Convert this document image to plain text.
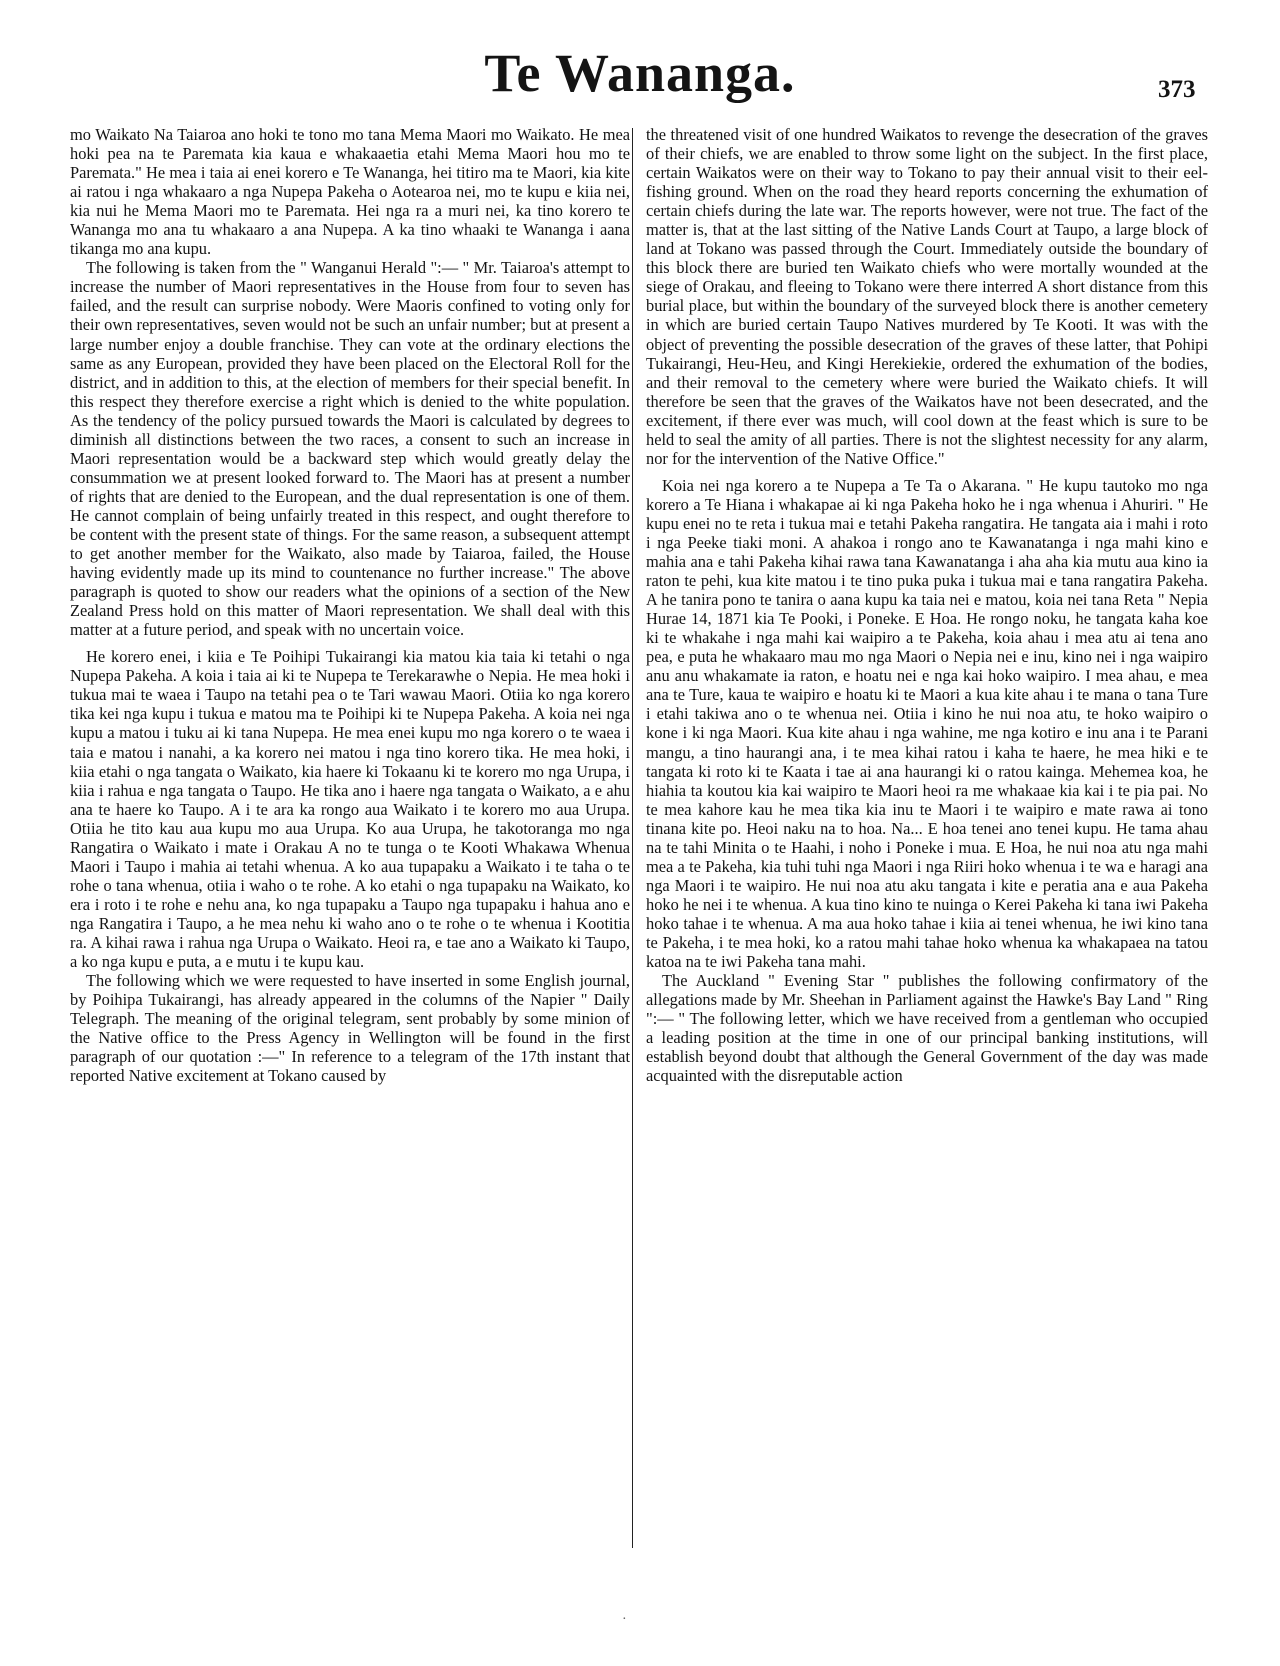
Te Wananga.	373

mo Waikato Na Taiaroa ano hoki te tono mo tana Mema Maori mo Waikato. He mea hoki pea na te Paremata kia kaua e whakaaetia etahi Mema Maori hou mo te Paremata." He mea i taia ai enei korero e Te Wananga, hei titiro ma te Maori, kia kite ai ratou i nga whakaaro a nga Nupepa Pakeha o Aotearoa nei, mo te kupu e kiia nei, kia nui he Mema Maori mo te Paremata. Hei nga ra a muri nei, ka tino korero te Wananga mo ana tu whakaaro a ana Nupepa. A ka tino whaaki te Wananga i aana tikanga mo ana kupu.

The following is taken from the " Wanganui Herald ":— " Mr. Taiaroa's attempt to increase the number of Maori representatives in the House from four to seven has failed, and the result can surprise nobody. Were Maoris confined to voting only for their own representatives, seven would not be such an unfair number; but at present a large number enjoy a double franchise. They can vote at the ordinary elections the same as any European, provided they have been placed on the Electoral Roll for the district, and in addition to this, at the election of members for their special benefit. In this respect they therefore exercise a right which is denied to the white population. As the tendency of the policy pursued towards the Maori is calculated by degrees to diminish all distinctions between the two races, a consent to such an increase in Maori representation would be a backward step which would greatly delay the consummation we at present looked forward to. The Maori has at present a number of rights that are denied to the European, and the dual representation is one of them. He cannot complain of being unfairly treated in this respect, and ought therefore to be content with the present state of things. For the same reason, a subsequent attempt to get another member for the Waikato, also made by Taiaroa, failed, the House having evidently made up its mind to countenance no further increase." The above paragraph is quoted to show our readers what the opinions of a section of the New Zealand Press hold on this matter of Maori representation. We shall deal with this matter at a future period, and speak with no uncertain voice.

He korero enei, i kiia e Te Poihipi Tukairangi kia matou kia taia ki tetahi o nga Nupepa Pakeha. A koia i taia ai ki te Nupepa te Terekarawhe o Nepia. He mea hoki i tukua mai te waea i Taupo na tetahi pea o te Tari wawau Maori. Otiia ko nga korero tika kei nga kupu i tukua e matou ma te Poihipi ki te Nupepa Pakeha. A koia nei nga kupu a matou i tuku ai ki tana Nupepa. He mea enei kupu mo nga korero o te waea i taia e matou i nanahi, a ka korero nei matou i nga tino korero tika. He mea hoki, i kiia etahi o nga tangata o Waikato, kia haere ki Tokaanu ki te korero mo nga Urupa, i kiia i rahua e nga tangata o Taupo. He tika ano i haere nga tangata o Waikato, a e ahu ana te haere ko Taupo. A i te ara ka rongo aua Waikato i te korero mo aua Urupa. Otiia he tito kau aua kupu mo aua Urupa. Ko aua Urupa, he takotoranga mo nga Rangatira o Waikato i mate i Orakau A no te tunga o te Kooti Whakawa Whenua Maori i Taupo i mahia ai tetahi whenua. A ko aua tupapaku a Waikato i te taha o te rohe o tana whenua, otiia i waho o te rohe. A ko etahi o nga tupapaku na Waikato, ko era i roto i te rohe e nehu ana, ko nga tupapaku a Taupo nga tupapaku i hahua ano e nga Rangatira i Taupo, a he mea nehu ki waho ano o te rohe o te whenua i Kootitia ra. A kihai rawa i rahua nga Urupa o Waikato. Heoi ra, e tae ano a Waikato ki Taupo, a ko nga kupu e puta, a e mutu i te kupu kau.

The following which we were requested to have inserted in some English journal, by Poihipa Tukairangi, has already appeared in the columns of the Napier " Daily Telegraph. The meaning of the original telegram, sent probably by some minion of the Native office to the Press Agency in Wellington will be found in the first paragraph of our quotation :—" In reference to a telegram of the 17th instant that reported Native excitement at Tokano caused by

the threatened visit of one hundred Waikatos to revenge the desecration of the graves of their chiefs, we are enabled to throw some light on the subject. In the first place, certain Waikatos were on their way to Tokano to pay their annual visit to their eel-fishing ground. When on the road they heard reports concerning the exhumation of certain chiefs during the late war. The reports however, were not true. The fact of the matter is, that at the last sitting of the Native Lands Court at Taupo, a large block of land at Tokano was passed through the Court. Immediately outside the boundary of this block there are buried ten Waikato chiefs who were mortally wounded at the siege of Orakau, and fleeing to Tokano were there interred A short distance from this burial place, but within the boundary of the surveyed block there is another cemetery in which are buried certain Taupo Natives murdered by Te Kooti. It was with the object of preventing the possible desecration of the graves of these latter, that Pohipi Tukairangi, Heu-Heu, and Kingi Herekiekie, ordered the exhumation of the bodies, and their removal to the cemetery where were buried the Waikato chiefs. It will therefore be seen that the graves of the Waikatos have not been desecrated, and the excitement, if there ever was much, will cool down at the feast which is sure to be held to seal the amity of all parties. There is not the slightest necessity for any alarm, nor for the intervention of the Native Office."

Koia nei nga korero a te Nupepa a Te Ta o Akarana. " He kupu tautoko mo nga korero a Te Hiana i whakapae ai ki nga Pakeha hoko he i nga whenua i Ahuriri. " He kupu enei no te reta i tukua mai e tetahi Pakeha rangatira. He tangata aia i mahi i roto i nga Peeke tiaki moni. A ahakoa i rongo ano te Kawanatanga i nga mahi kino e mahia ana e tahi Pakeha kihai rawa tana Kawanatanga i aha aha kia mutu aua kino ia raton te pehi, kua kite matou i te tino puka puka i tukua mai e tana rangatira Pakeha. A he tanira pono te tanira o aana kupu ka taia nei e matou, koia nei tana Reta " Nepia Hurae 14, 1871 kia Te Pooki, i Poneke. E Hoa. He rongo noku, he tangata kaha koe ki te whakahe i nga mahi kai waipiro a te Pakeha, koia ahau i mea atu ai tena ano pea, e puta he whakaaro mau mo nga Maori o Nepia nei e inu, kino nei i nga waipiro anu anu whakamate ia raton, e hoatu nei e nga kai hoko waipiro. I mea ahau, e mea ana te Ture, kaua te waipiro e hoatu ki te Maori a kua kite ahau i te mana o tana Ture i etahi takiwa ano o te whenua nei. Otiia i kino he nui noa atu, te hoko waipiro o kone i ki nga Maori. Kua kite ahau i nga wahine, me nga kotiro e inu ana i te Parani mangu, a tino haurangi ana, i te mea kihai ratou i kaha te haere, he mea hiki e te tangata ki roto ki te Kaata i tae ai ana haurangi ki o ratou kainga. Mehemea koa, he hiahia ta koutou kia kai waipiro te Maori heoi ra me whakaae kia kai i te pia pai. No te mea kahore kau he mea tika kia inu te Maori i te waipiro e mate rawa ai tono tinana kite po. Heoi naku na to hoa. Na... E hoa tenei ano tenei kupu. He tama ahau na te tahi Minita o te Haahi, i noho i Poneke i mua. E Hoa, he nui noa atu nga mahi mea a te Pakeha, kia tuhi tuhi nga Maori i nga Riiri hoko whenua i te wa e haragi ana nga Maori i te waipiro. He nui noa atu aku tangata i kite e peratia ana e aua Pakeha hoko he nei i te whenua. A kua tino kino te nuinga o Kerei Pakeha ki tana iwi Pakeha hoko tahae i te whenua. A ma aua hoko tahae i kiia ai tenei whenua, he iwi kino tana te Pakeha, i te mea hoki, ko a ratou mahi tahae hoko whenua ka whakapaea na tatou katoa na te iwi Pakeha tana mahi.

The Auckland " Evening Star " publishes the following confirmatory of the allegations made by Mr. Sheehan in Parliament against the Hawke's Bay Land " Ring ":— " The following letter, which we have received from a gentleman who occupied a leading position at the time in one of our principal banking institutions, will establish beyond doubt that although the General Government of the day was made acquainted with the disreputable action

·
